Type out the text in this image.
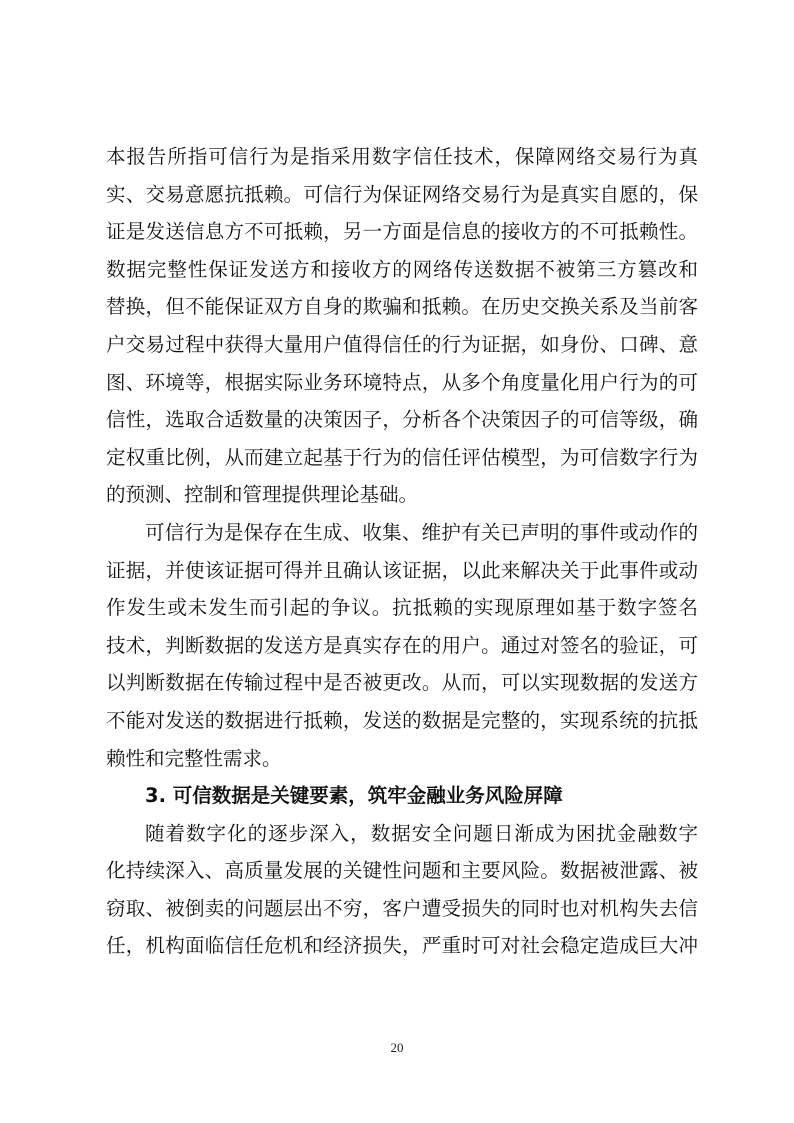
本报告所指可信行为是指采用数字信任技术，保障网络交易行为真
实、交易意愿抗抵赖。可信行为保证网络交易行为是真实自愿的，保
证是发送信息方不可抵赖，另一方面是信息的接收方的不可抵赖性。
数据完整性保证发送方和接收方的网络传送数据不被第三方篡改和
替换，但不能保证双方自身的欺骗和抵赖。在历史交换关系及当前客
户交易过程中获得大量用户值得信任的行为证据，如身份、口碑、意
图、环境等，根据实际业务环境特点，从多个角度量化用户行为的可
信性，选取合适数量的决策因子，分析各个决策因子的可信等级，确
定权重比例，从而建立起基于行为的信任评估模型，为可信数字行为
的预测、控制和管理提供理论基础。
可信行为是保存在生成、收集、维护有关已声明的事件或动作的
证据，并使该证据可得并且确认该证据，以此来解决关于此事件或动
作发生或未发生而引起的争议。抗抵赖的实现原理如基于数字签名
技术，判断数据的发送方是真实存在的用户。通过对签名的验证，可
以判断数据在传输过程中是否被更改。从而，可以实现数据的发送方
不能对发送的数据进行抵赖，发送的数据是完整的，实现系统的抗抵
赖性和完整性需求。
3. 可信数据是关键要素，筑牢金融业务风险屏障
随着数字化的逐步深入，数据安全问题日渐成为困扰金融数字
化持续深入、高质量发展的关键性问题和主要风险。数据被泄露、被
窃取、被倒卖的问题层出不穷，客户遭受损失的同时也对机构失去信
任，机构面临信任危机和经济损失，严重时可对社会稳定造成巨大冲
20
